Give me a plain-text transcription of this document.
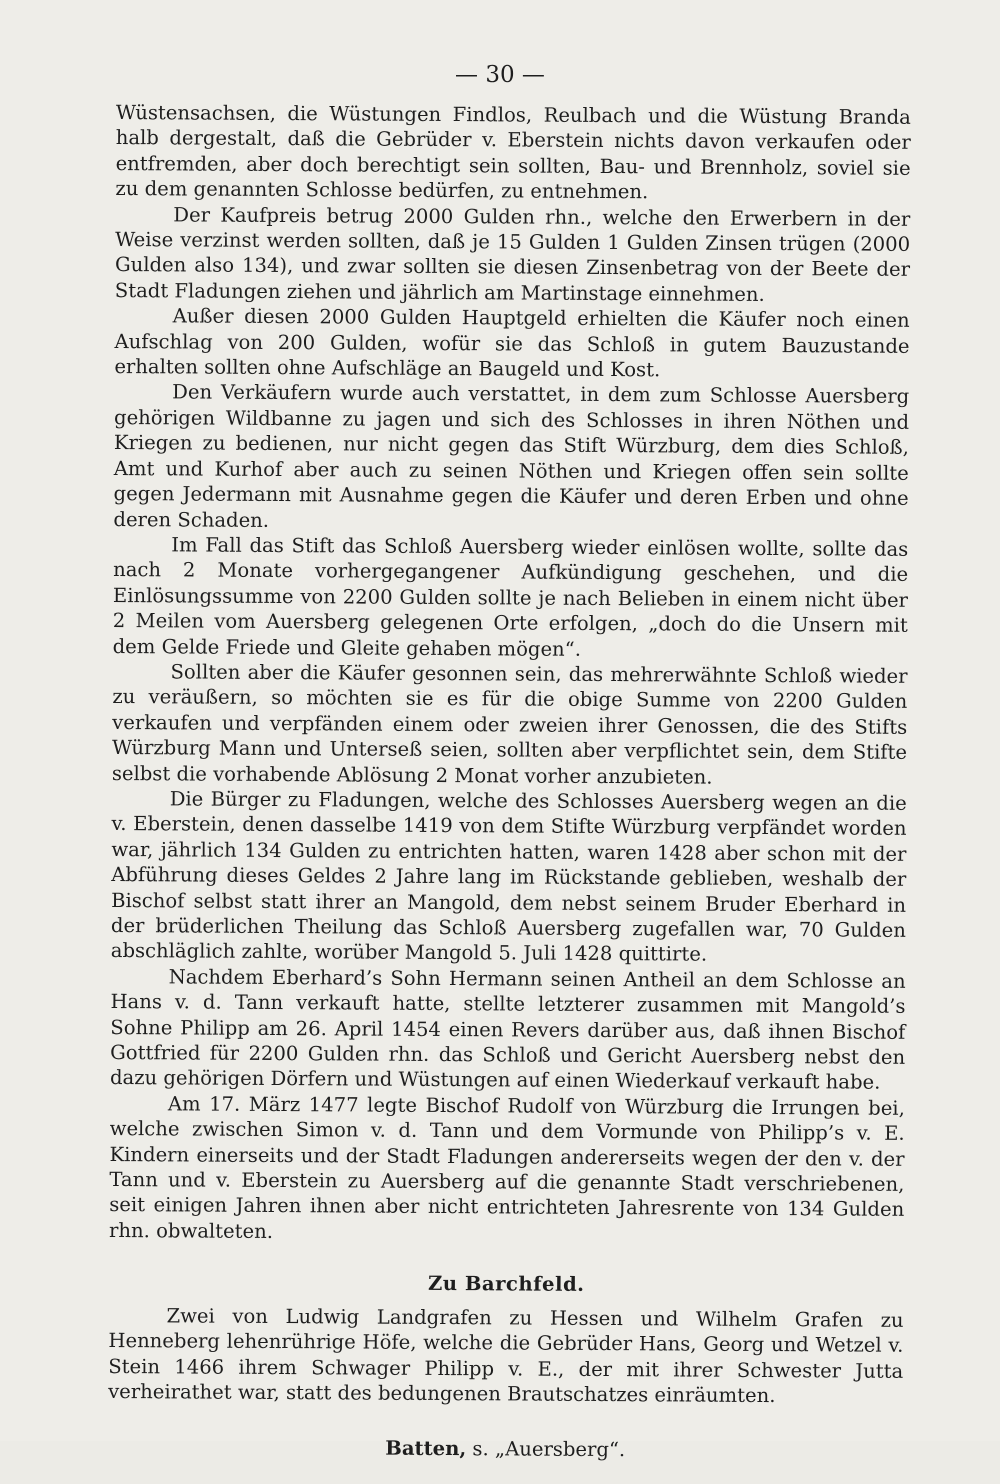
— 30 —

Wüstensachsen, die Wüstungen Findlos, Reulbach und die Wüstung Branda halb dergestalt, daß die Gebrüder v. Eberstein nichts davon verkaufen oder entfremden, aber doch berechtigt sein sollten, Bau- und Brennholz, soviel sie zu dem genannten Schlosse bedürfen, zu entnehmen.

Der Kaufpreis betrug 2000 Gulden rhn., welche den Erwerbern in der Weise verzinst werden sollten, daß je 15 Gulden 1 Gulden Zinsen trügen (2000 Gulden also 134), und zwar sollten sie diesen Zinsenbetrag von der Beete der Stadt Fladungen ziehen und jährlich am Martinstage einnehmen.

Außer diesen 2000 Gulden Hauptgeld erhielten die Käufer noch einen Aufschlag von 200 Gulden, wofür sie das Schloß in gutem Bauzustande erhalten sollten ohne Aufschläge an Baugeld und Kost.

Den Verkäufern wurde auch verstattet, in dem zum Schlosse Auersberg gehörigen Wildbanne zu jagen und sich des Schlosses in ihren Nöthen und Kriegen zu bedienen, nur nicht gegen das Stift Würzburg, dem dies Schloß, Amt und Kurhof aber auch zu seinen Nöthen und Kriegen offen sein sollte gegen Jedermann mit Ausnahme gegen die Käufer und deren Erben und ohne deren Schaden.

Im Fall das Stift das Schloß Auersberg wieder einlösen wollte, sollte das nach 2 Monate vorhergegangener Aufkündigung geschehen, und die Einlösungssumme von 2200 Gulden sollte je nach Belieben in einem nicht über 2 Meilen vom Auersberg gelegenen Orte erfolgen, „doch do die Unsern mit dem Gelde Friede und Gleite gehaben mögen“.

Sollten aber die Käufer gesonnen sein, das mehrerwähnte Schloß wieder zu veräußern, so möchten sie es für die obige Summe von 2200 Gulden verkaufen und verpfänden einem oder zweien ihrer Genossen, die des Stifts Würzburg Mann und Unterseß seien, sollten aber verpflichtet sein, dem Stifte selbst die vorhabende Ablösung 2 Monat vorher anzubieten.

Die Bürger zu Fladungen, welche des Schlosses Auersberg wegen an die v. Eberstein, denen dasselbe 1419 von dem Stifte Würzburg verpfändet worden war, jährlich 134 Gulden zu entrichten hatten, waren 1428 aber schon mit der Abführung dieses Geldes 2 Jahre lang im Rückstande geblieben, weshalb der Bischof selbst statt ihrer an Mangold, dem nebst seinem Bruder Eberhard in der brüderlichen Theilung das Schloß Auersberg zugefallen war, 70 Gulden abschläglich zahlte, worüber Mangold 5. Juli 1428 quittirte.

Nachdem Eberhard’s Sohn Hermann seinen Antheil an dem Schlosse an Hans v. d. Tann verkauft hatte, stellte letzterer zusammen mit Mangold’s Sohne Philipp am 26. April 1454 einen Revers darüber aus, daß ihnen Bischof Gottfried für 2200 Gulden rhn. das Schloß und Gericht Auersberg nebst den dazu gehörigen Dörfern und Wüstungen auf einen Wiederkauf verkauft habe.

Am 17. März 1477 legte Bischof Rudolf von Würzburg die Irrungen bei, welche zwischen Simon v. d. Tann und dem Vormunde von Philipp’s v. E. Kindern einerseits und der Stadt Fladungen andererseits wegen der den v. der Tann und v. Eberstein zu Auersberg auf die genannte Stadt verschriebenen, seit einigen Jahren ihnen aber nicht entrichteten Jahresrente von 134 Gulden rhn. obwalteten.

Zu Barchfeld.

Zwei von Ludwig Landgrafen zu Hessen und Wilhelm Grafen zu Henneberg lehenrührige Höfe, welche die Gebrüder Hans, Georg und Wetzel v. Stein 1466 ihrem Schwager Philipp v. E., der mit ihrer Schwester Jutta verheirathet war, statt des bedungenen Brautschatzes einräumten.

Batten, s. „Auersberg“.
